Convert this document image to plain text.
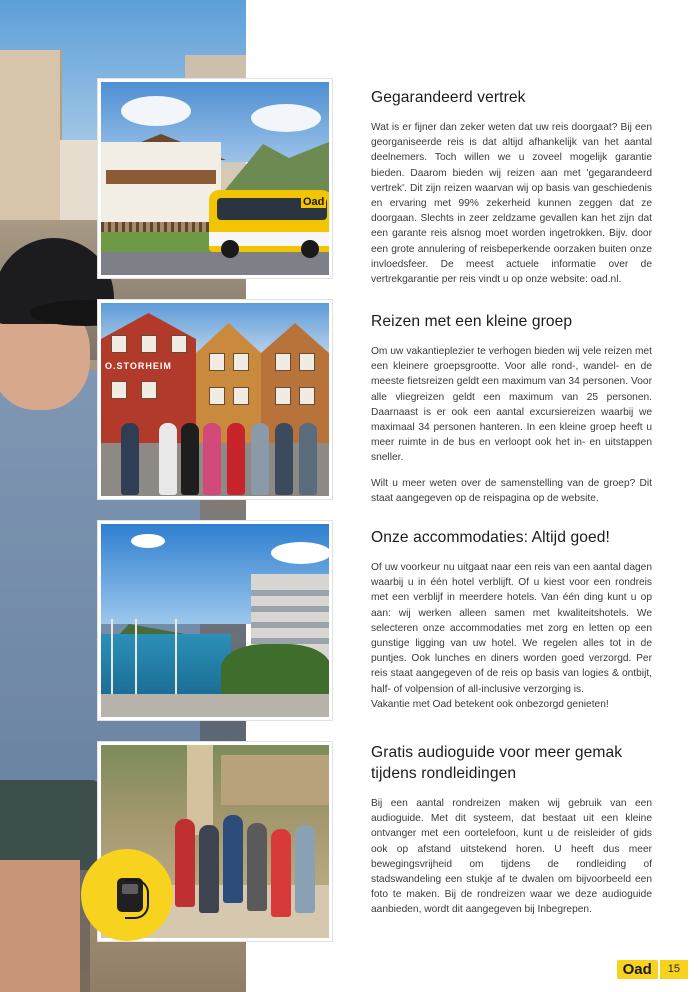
Oad
O.STORHEIM
Gegarandeerd vertrek

Wat is er fijner dan zeker weten dat uw reis doorgaat? Bij een georganiseerde reis is dat altijd afhankelijk van het aantal deelnemers. Toch willen we u zoveel mogelijk garantie bieden. Daarom bieden wij reizen aan met 'gegarandeerd vertrek'. Dit zijn reizen waarvan wij op basis van geschiedenis en ervaring met 99% zekerheid kunnen zeggen dat ze doorgaan. Slechts in zeer zeldzame gevallen kan het zijn dat een garante reis alsnog moet worden ingetrokken. Bijv. door een grote annulering of reisbeperkende oorzaken buiten onze invloedsfeer. De meest actuele informatie over de vertrekgarantie per reis vindt u op onze website: oad.nl.

Reizen met een kleine groep

Om uw vakantieplezier te verhogen bieden wij vele reizen met een kleinere groepsgrootte. Voor alle rond-, wandel- en de meeste fietsreizen geldt een maximum van 34 personen. Voor alle vliegreizen geldt een maximum van 25 personen. Daarnaast is er ook een aantal excursiereizen waarbij we maximaal 34 personen hanteren. In een kleine groep heeft u meer ruimte in de bus en verloopt ook het in- en uitstappen sneller.

Wilt u meer weten over de samenstelling van de groep? Dit staat aangegeven op de reispagina op de website.

Onze accommodaties: Altijd goed!

Of uw voorkeur nu uitgaat naar een reis van een aantal dagen waarbij u in één hotel verblijft. Of u kiest voor een rondreis met een verblijf in meerdere hotels. Van één ding kunt u op aan: wij werken alleen samen met kwaliteitshotels. We selecteren onze accommodaties met zorg en letten op een gunstige ligging van uw hotel. We regelen alles tot in de puntjes. Ook lunches en diners worden goed verzorgd. Per reis staat aangegeven of de reis op basis van logies & ontbijt, half- of volpension of all-inclusive verzorging is.

Vakantie met Oad betekent ook onbezorgd genieten!

Gratis audioguide voor meer gemak tijdens rondleidingen

Bij een aantal rondreizen maken wij gebruik van een audioguide. Met dit systeem, dat bestaat uit een kleine ontvanger met een oortelefoon, kunt u de reisleider of gids ook op afstand uitstekend horen. U heeft dus meer bewegingsvrijheid om tijdens de rondleiding of stadswandeling een stukje af te dwalen om bijvoorbeeld een foto te maken. Bij de rondreizen waar we deze audioguide aanbieden, wordt dit aangegeven bij Inbegrepen.

Oad	15
